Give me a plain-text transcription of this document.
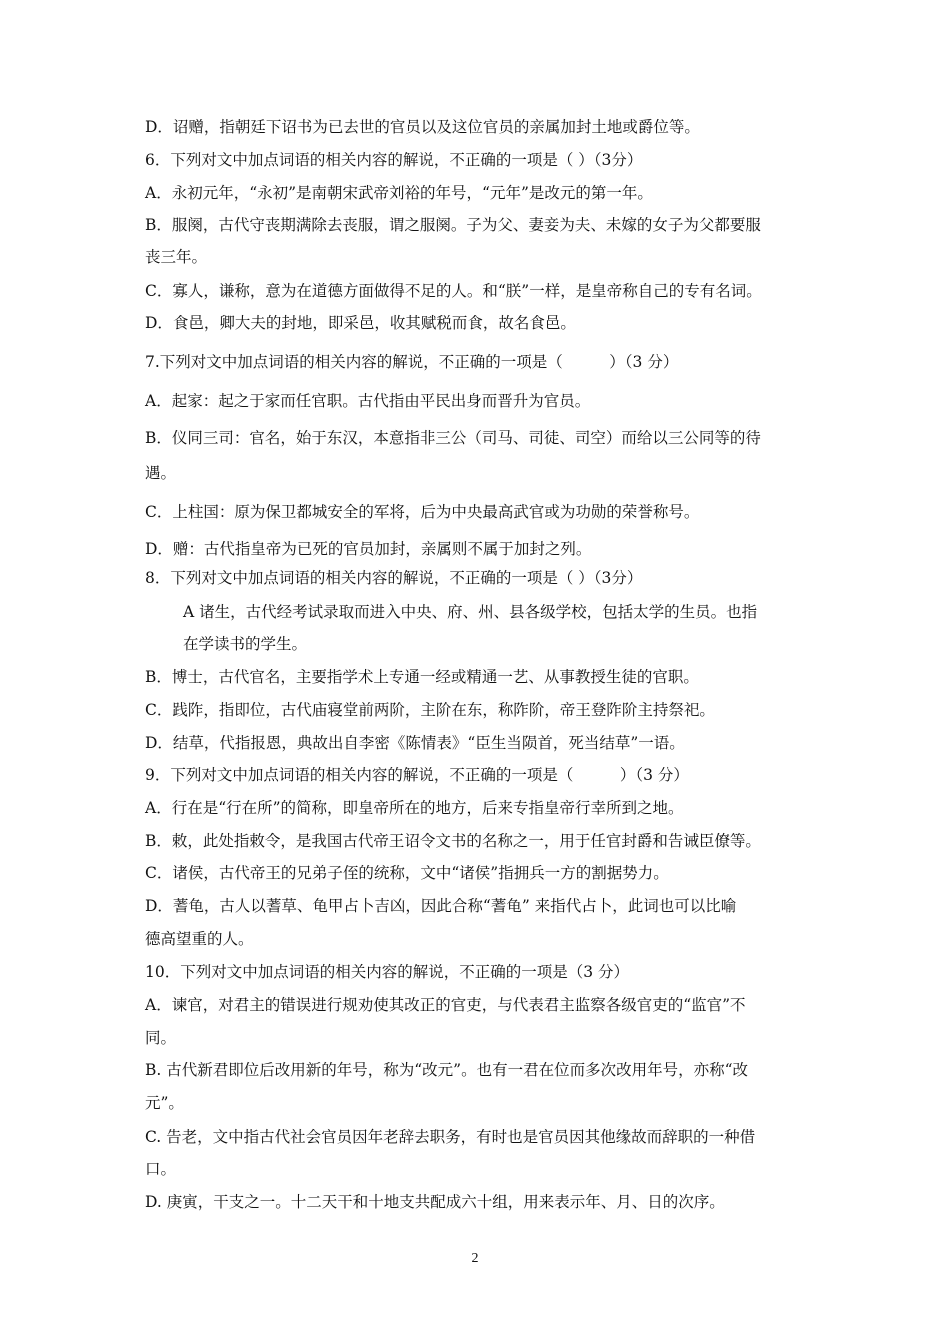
D．诏赠，指朝廷下诏书为已去世的官员以及这位官员的亲属加封土地或爵位等。
6．下列对文中加点词语的相关内容的解说，不正确的一项是（ ）（3分）
A．永初元年，“永初”是南朝宋武帝刘裕的年号，“元年”是改元的第一年。
B．服阕，古代守丧期满除去丧服，谓之服阕。子为父、妻妾为夫、未嫁的女子为父都要服
丧三年。
C．寡人，谦称，意为在道德方面做得不足的人。和“朕”一样，是皇帝称自己的专有名词。
D．食邑，卿大夫的封地，即采邑，收其赋税而食，故名食邑。
7.下列对文中加点词语的相关内容的解说，不正确的一项是（　　　）（3 分）
A．起家：起之于家而任官职。古代指由平民出身而晋升为官员。
B．仪同三司：官名，始于东汉，本意指非三公（司马、司徒、司空）而给以三公同等的待
遇。
C．上柱国：原为保卫都城安全的军将，后为中央最高武官或为功勋的荣誉称号。
D．赠：古代指皇帝为已死的官员加封，亲属则不属于加封之列。
8．下列对文中加点词语的相关内容的解说，不正确的一项是（ ）（3分）
A 诸生，古代经考试录取而进入中央、府、州、县各级学校，包括太学的生员。也指
在学读书的学生。
B．博士，古代官名，主要指学术上专通一经或精通一艺、从事教授生徒的官职。
C．践阼，指即位，古代庙寝堂前两阶，主阶在东，称阼阶，帝王登阼阶主持祭祀。
D．结草，代指报恩，典故出自李密《陈情表》“臣生当陨首，死当结草”一语。
9．下列对文中加点词语的相关内容的解说，不正确的一项是（　　　）（3 分）
A．行在是“行在所”的简称，即皇帝所在的地方，后来专指皇帝行幸所到之地。
B．敕，此处指敕令，是我国古代帝王诏令文书的名称之一，用于任官封爵和告诫臣僚等。
C．诸侯，古代帝王的兄弟子侄的统称，文中“诸侯”指拥兵一方的割据势力。
D．蓍龟，古人以蓍草、龟甲占卜吉凶，因此合称“蓍龟” 来指代占卜，此词也可以比喻
德高望重的人。
10．下列对文中加点词语的相关内容的解说，不正确的一项是（3 分）
A．谏官，对君主的错误进行规劝使其改正的官吏，与代表君主监察各级官吏的“监官”不
同。
B. 古代新君即位后改用新的年号，称为“改元”。也有一君在位而多次改用年号，亦称“改
元”。
C. 告老，文中指古代社会官员因年老辞去职务，有时也是官员因其他缘故而辞职的一种借
口。
D. 庚寅，干支之一。十二天干和十地支共配成六十组，用来表示年、月、日的次序。
2
